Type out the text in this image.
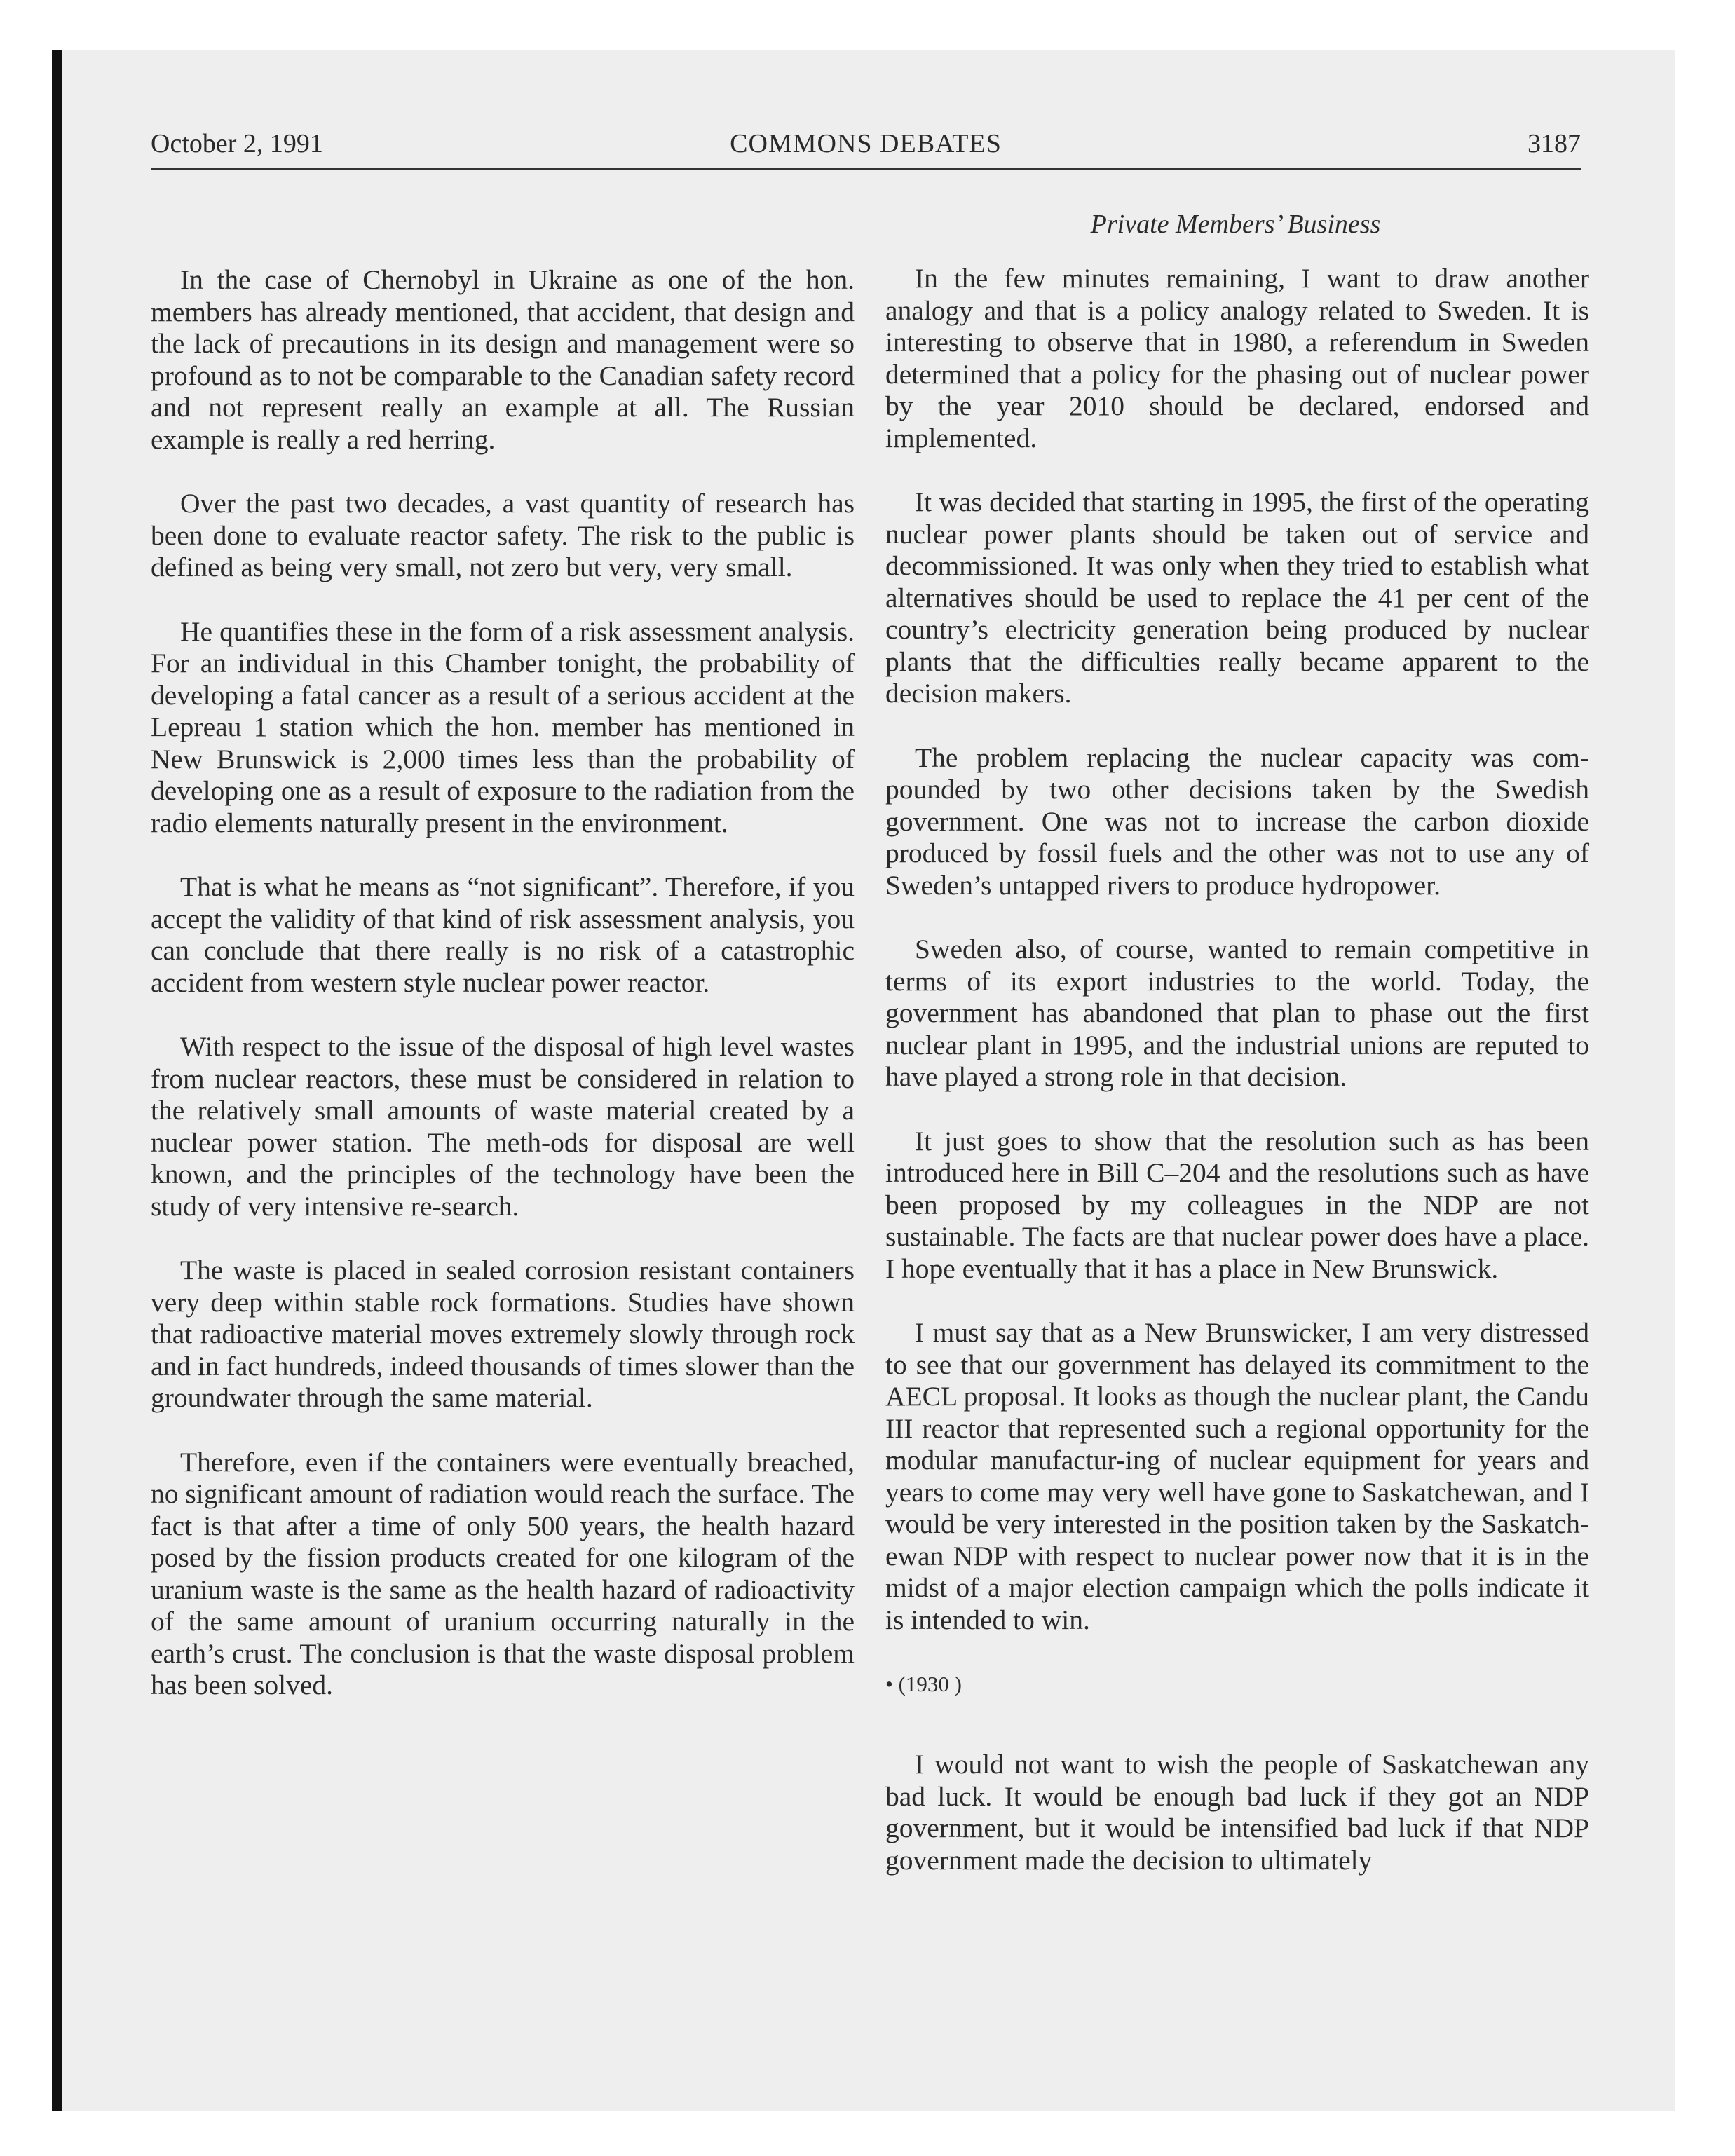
October 2, 1991	COMMONS DEBATES	3187
Private Members’ Business

In the case of Chernobyl in Ukraine as one of the hon. members has already mentioned, that accident, that design and the lack of precautions in its design and management were so profound as to not be comparable to the Canadian safety record and not represent really an example at all. The Russian example is really a red herring.

Over the past two decades, a vast quantity of research has been done to evaluate reactor safety. The risk to the public is defined as being very small, not zero but very, very small.

He quantifies these in the form of a risk assessment analysis. For an individual in this Chamber tonight, the probability of developing a fatal cancer as a result of a serious accident at the Lepreau 1 station which the hon. member has mentioned in New Brunswick is 2,000 times less than the probability of developing one as a result of exposure to the radiation from the radio elements naturally present in the environment.

That is what he means as “not significant”. Therefore, if you accept the validity of that kind of risk assessment analysis, you can conclude that there really is no risk of a catastrophic accident from western style nuclear power reactor.

With respect to the issue of the disposal of high level wastes from nuclear reactors, these must be considered in relation to the relatively small amounts of waste material created by a nuclear power station. The meth-ods for disposal are well known, and the principles of the technology have been the study of very intensive re-search.

The waste is placed in sealed corrosion resistant containers very deep within stable rock formations. Studies have shown that radioactive material moves extremely slowly through rock and in fact hundreds, indeed thousands of times slower than the groundwater through the same material.

Therefore, even if the containers were eventually breached, no significant amount of radiation would reach the surface. The fact is that after a time of only 500 years, the health hazard posed by the fission products created for one kilogram of the uranium waste is the same as the health hazard of radioactivity of the same amount of uranium occurring naturally in the earth’s crust. The conclusion is that the waste disposal problem has been solved.

In the few minutes remaining, I want to draw another analogy and that is a policy analogy related to Sweden. It is interesting to observe that in 1980, a referendum in Sweden determined that a policy for the phasing out of nuclear power by the year 2010 should be declared, endorsed and implemented.

It was decided that starting in 1995, the first of the operating nuclear power plants should be taken out of service and decommissioned. It was only when they tried to establish what alternatives should be used to replace the 41 per cent of the country’s electricity generation being produced by nuclear plants that the difficulties really became apparent to the decision makers.

The problem replacing the nuclear capacity was com-pounded by two other decisions taken by the Swedish government. One was not to increase the carbon dioxide produced by fossil fuels and the other was not to use any of Sweden’s untapped rivers to produce hydropower.

Sweden also, of course, wanted to remain competitive in terms of its export industries to the world. Today, the government has abandoned that plan to phase out the first nuclear plant in 1995, and the industrial unions are reputed to have played a strong role in that decision.

It just goes to show that the resolution such as has been introduced here in Bill C–204 and the resolutions such as have been proposed by my colleagues in the NDP are not sustainable. The facts are that nuclear power does have a place. I hope eventually that it has a place in New Brunswick.

I must say that as a New Brunswicker, I am very distressed to see that our government has delayed its commitment to the AECL proposal. It looks as though the nuclear plant, the Candu III reactor that represented such a regional opportunity for the modular manufactur-ing of nuclear equipment for years and years to come may very well have gone to Saskatchewan, and I would be very interested in the position taken by the Saskatch-ewan NDP with respect to nuclear power now that it is in the midst of a major election campaign which the polls indicate it is intended to win.

• (1930 )

I would not want to wish the people of Saskatchewan any bad luck. It would be enough bad luck if they got an NDP government, but it would be intensified bad luck if that NDP government made the decision to ultimately
